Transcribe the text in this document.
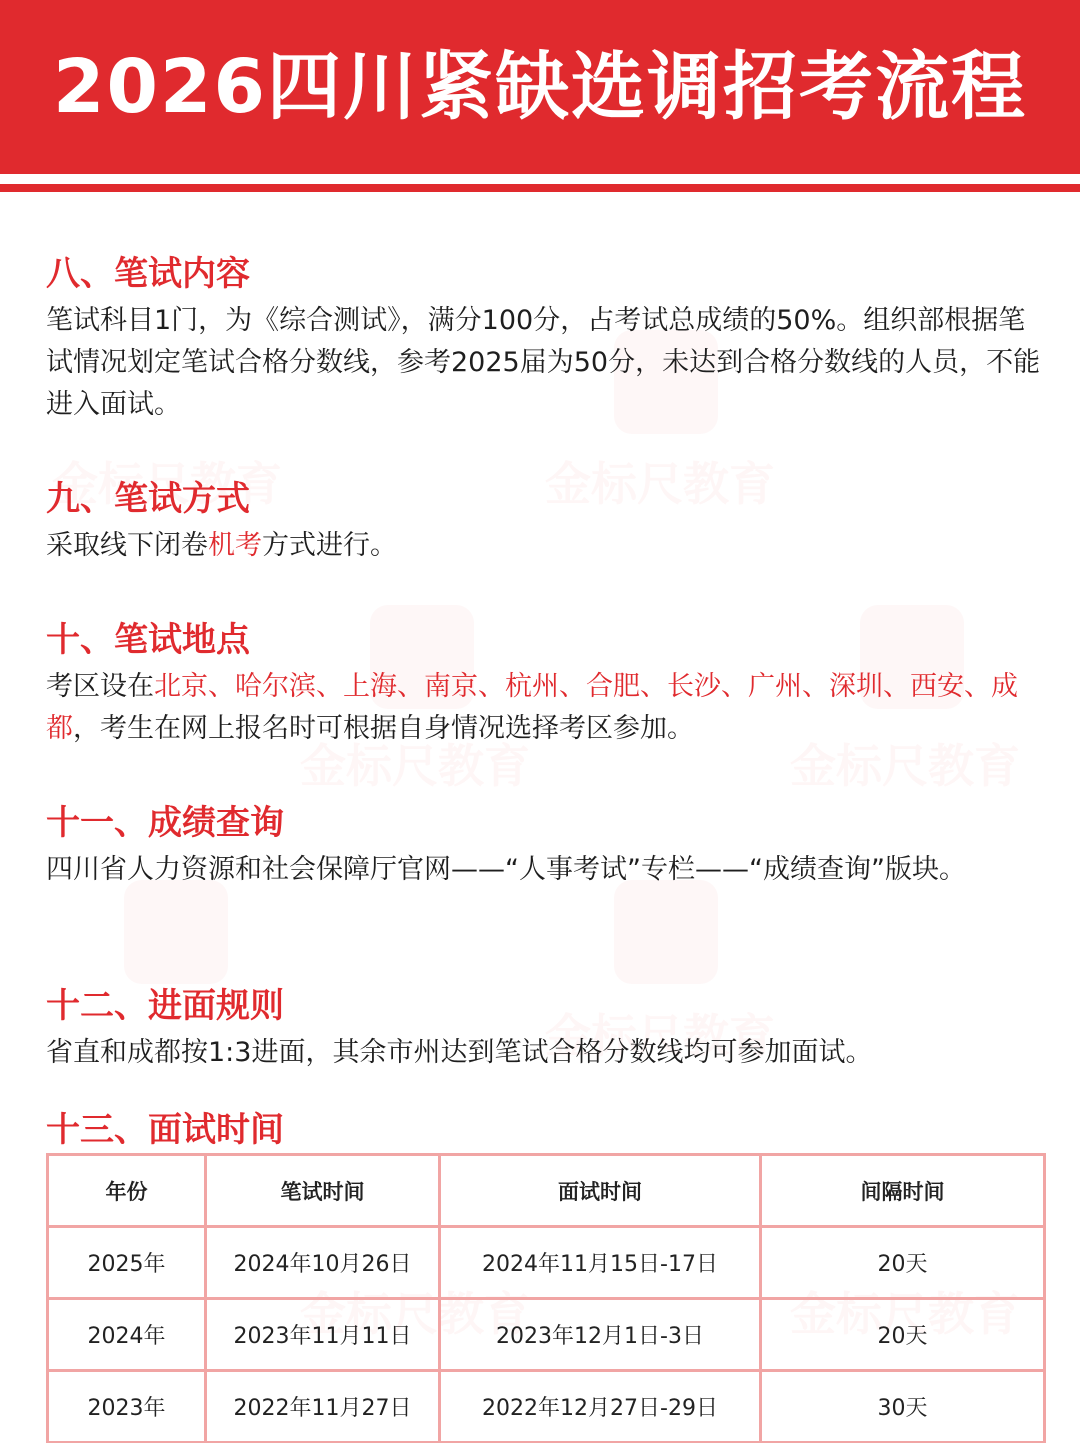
2026四川紧缺选调招考流程
八、笔试内容
笔试科目1门，为《综合测试》，满分100分，占考试总成绩的50%。组织部根据笔试情况划定笔试合格分数线，参考2025届为50分，未达到合格分数线的人员，不能进入面试。
九、笔试方式
采取线下闭卷机考方式进行。
十、笔试地点
考区设在北京、哈尔滨、上海、南京、杭州、合肥、长沙、广州、深圳、西安、成都，考生在网上报名时可根据自身情况选择考区参加。
十一、成绩查询
四川省人力资源和社会保障厅官网——“人事考试”专栏——“成绩查询”版块。
十二、进面规则
省直和成都按1:3进面，其余市州达到笔试合格分数线均可参加面试。
十三、面试时间
年份	笔试时间	面试时间	间隔时间
2025年	2024年10月26日	2024年11月15日-17日	20天
2024年	2023年11月11日	2023年12月1日-3日	20天
2023年	2022年11月27日	2022年12月27日-29日	30天
